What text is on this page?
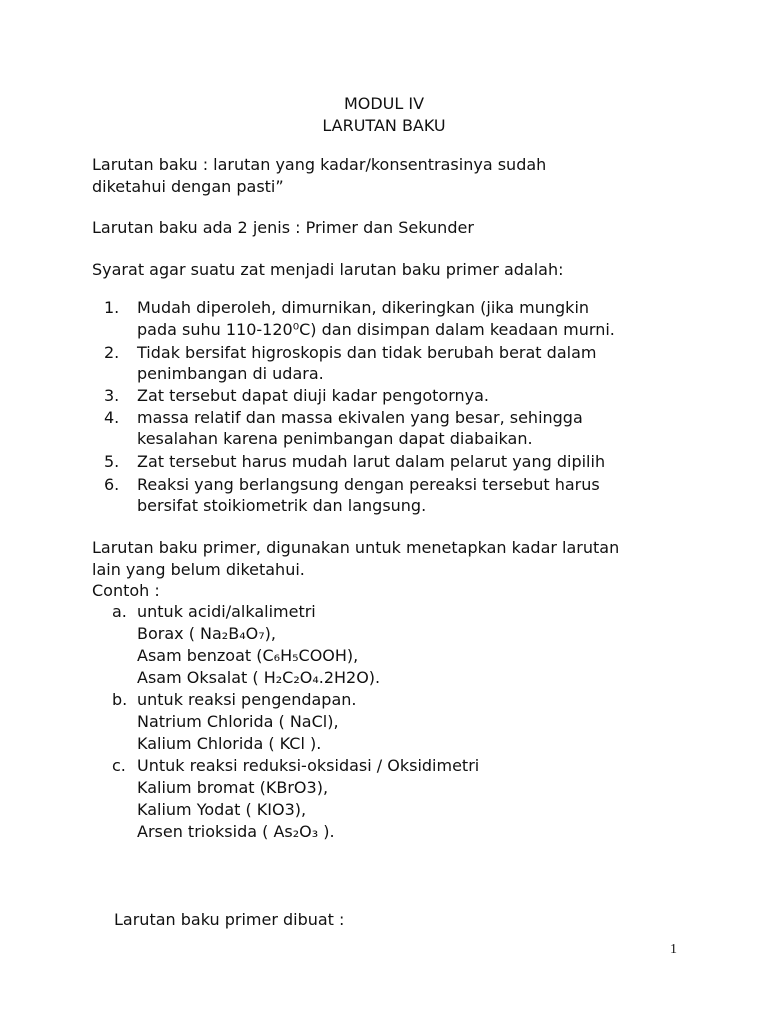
MODUL IV
LARUTAN BAKU
Larutan baku : larutan yang kadar/konsentrasinya sudah
diketahui dengan pasti”
Larutan baku ada 2 jenis : Primer dan Sekunder
Syarat agar suatu zat menjadi larutan baku primer adalah:
1. Mudah diperoleh, dimurnikan, dikeringkan (jika mungkin
pada suhu 110-120⁰C) dan disimpan dalam keadaan murni.
2. Tidak bersifat higroskopis dan tidak berubah berat dalam
penimbangan di udara.
3. Zat tersebut dapat diuji kadar pengotornya.
4. massa relatif dan massa ekivalen yang besar, sehingga
kesalahan karena penimbangan dapat diabaikan.
5. Zat tersebut harus mudah larut dalam pelarut yang dipilih
6. Reaksi yang berlangsung dengan pereaksi tersebut harus
bersifat stoikiometrik dan langsung.
Larutan baku primer, digunakan untuk menetapkan kadar larutan
lain yang belum diketahui.
Contoh :
a. untuk acidi/alkalimetri
Borax ( Na₂B₄O₇),
Asam benzoat (C₆H₅COOH),
Asam Oksalat ( H₂C₂O₄.2H2O).
b. untuk reaksi pengendapan.
Natrium Chlorida ( NaCl),
Kalium Chlorida ( KCl ).
c. Untuk reaksi reduksi-oksidasi / Oksidimetri
Kalium bromat (KBrO3),
Kalium Yodat ( KIO3),
Arsen trioksida ( As₂O₃ ).
Larutan baku primer dibuat :
1
